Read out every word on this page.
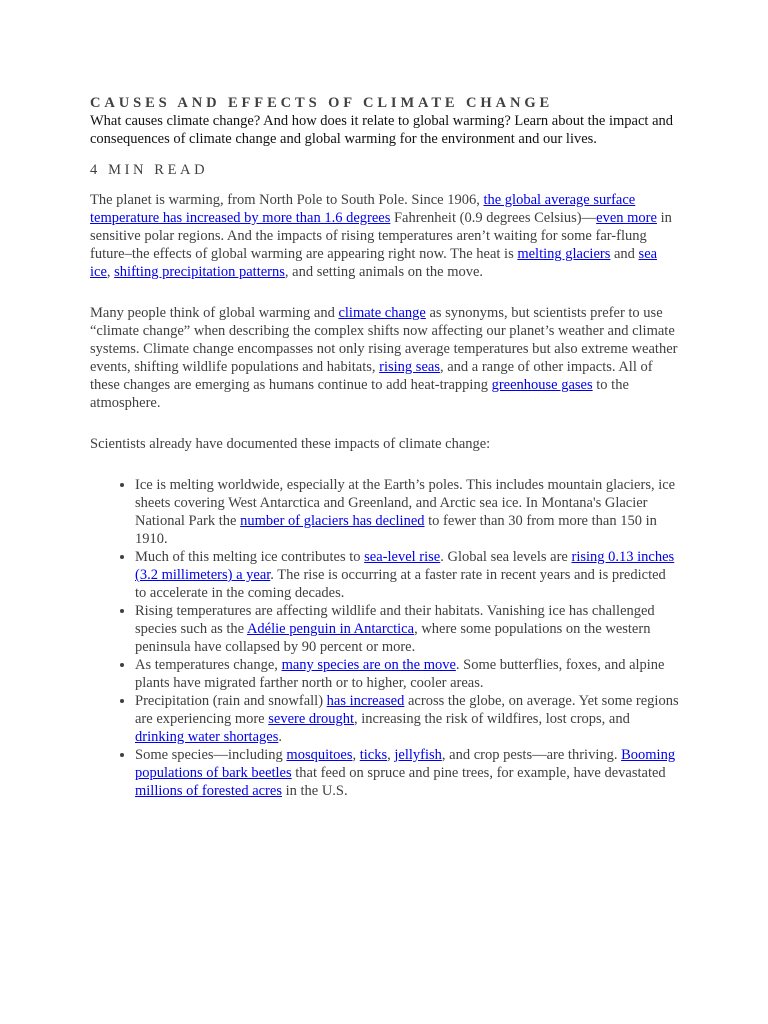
CAUSES AND EFFECTS OF CLIMATE CHANGE

What causes climate change? And how does it relate to global warming? Learn about the impact and consequences of climate change and global warming for the environment and our lives.

4 MIN READ

The planet is warming, from North Pole to South Pole. Since 1906, the global average surface temperature has increased by more than 1.6 degrees Fahrenheit (0.9 degrees Celsius)—even more in sensitive polar regions. And the impacts of rising temperatures aren’t waiting for some far-flung future–the effects of global warming are appearing right now. The heat is melting glaciers and sea ice, shifting precipitation patterns, and setting animals on the move.

Many people think of global warming and climate change as synonyms, but scientists prefer to use “climate change” when describing the complex shifts now affecting our planet’s weather and climate systems. Climate change encompasses not only rising average temperatures but also extreme weather events, shifting wildlife populations and habitats, rising seas, and a range of other impacts. All of these changes are emerging as humans continue to add heat-trapping greenhouse gases to the atmosphere.

Scientists already have documented these impacts of climate change:

• Ice is melting worldwide, especially at the Earth’s poles. This includes mountain glaciers, ice sheets covering West Antarctica and Greenland, and Arctic sea ice. In Montana's Glacier National Park the number of glaciers has declined to fewer than 30 from more than 150 in 1910.
• Much of this melting ice contributes to sea-level rise. Global sea levels are rising 0.13 inches (3.2 millimeters) a year. The rise is occurring at a faster rate in recent years and is predicted to accelerate in the coming decades.
• Rising temperatures are affecting wildlife and their habitats. Vanishing ice has challenged species such as the Adélie penguin in Antarctica, where some populations on the western peninsula have collapsed by 90 percent or more.
• As temperatures change, many species are on the move. Some butterflies, foxes, and alpine plants have migrated farther north or to higher, cooler areas.
• Precipitation (rain and snowfall) has increased across the globe, on average. Yet some regions are experiencing more severe drought, increasing the risk of wildfires, lost crops, and drinking water shortages.
• Some species—including mosquitoes, ticks, jellyfish, and crop pests—are thriving. Booming populations of bark beetles that feed on spruce and pine trees, for example, have devastated millions of forested acres in the U.S.
